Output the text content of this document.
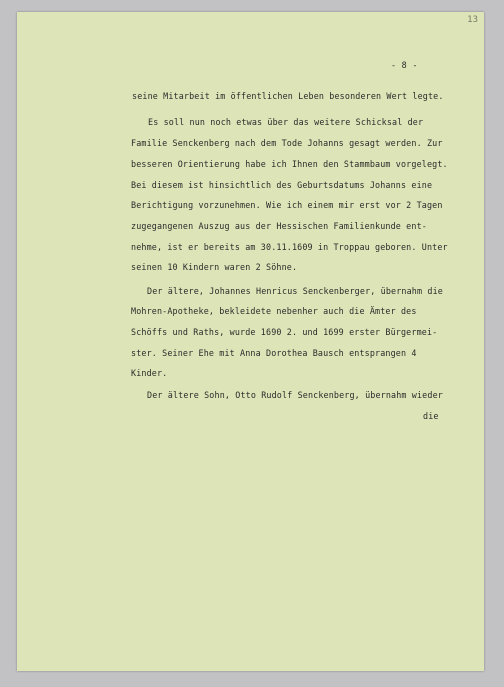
13
- 8 -
seine Mitarbeit im öffentlichen Leben besonderen Wert legte.
Es soll nun noch etwas über das weitere Schicksal der
Familie Senckenberg nach dem Tode Johanns gesagt werden. Zur
besseren Orientierung habe ich Ihnen den Stammbaum vorgelegt.
Bei diesem ist hinsichtlich des Geburtsdatums Johanns eine
Berichtigung vorzunehmen. Wie ich einem mir erst vor 2 Tagen
zugegangenen Auszug aus der Hessischen Familienkunde ent-
nehme, ist er bereits am 30.11.1609 in Troppau geboren. Unter
seinen 10 Kindern waren 2 Söhne.
Der ältere, Johannes Henricus Senckenberger, übernahm die
Mohren-Apotheke, bekleidete nebenher auch die Ämter des
Schöffs und Raths, wurde 1690 2. und 1699 erster Bürgermei-
ster. Seiner Ehe mit Anna Dorothea Bausch entsprangen 4
Kinder.
Der ältere Sohn, Otto Rudolf Senckenberg, übernahm wieder
die
